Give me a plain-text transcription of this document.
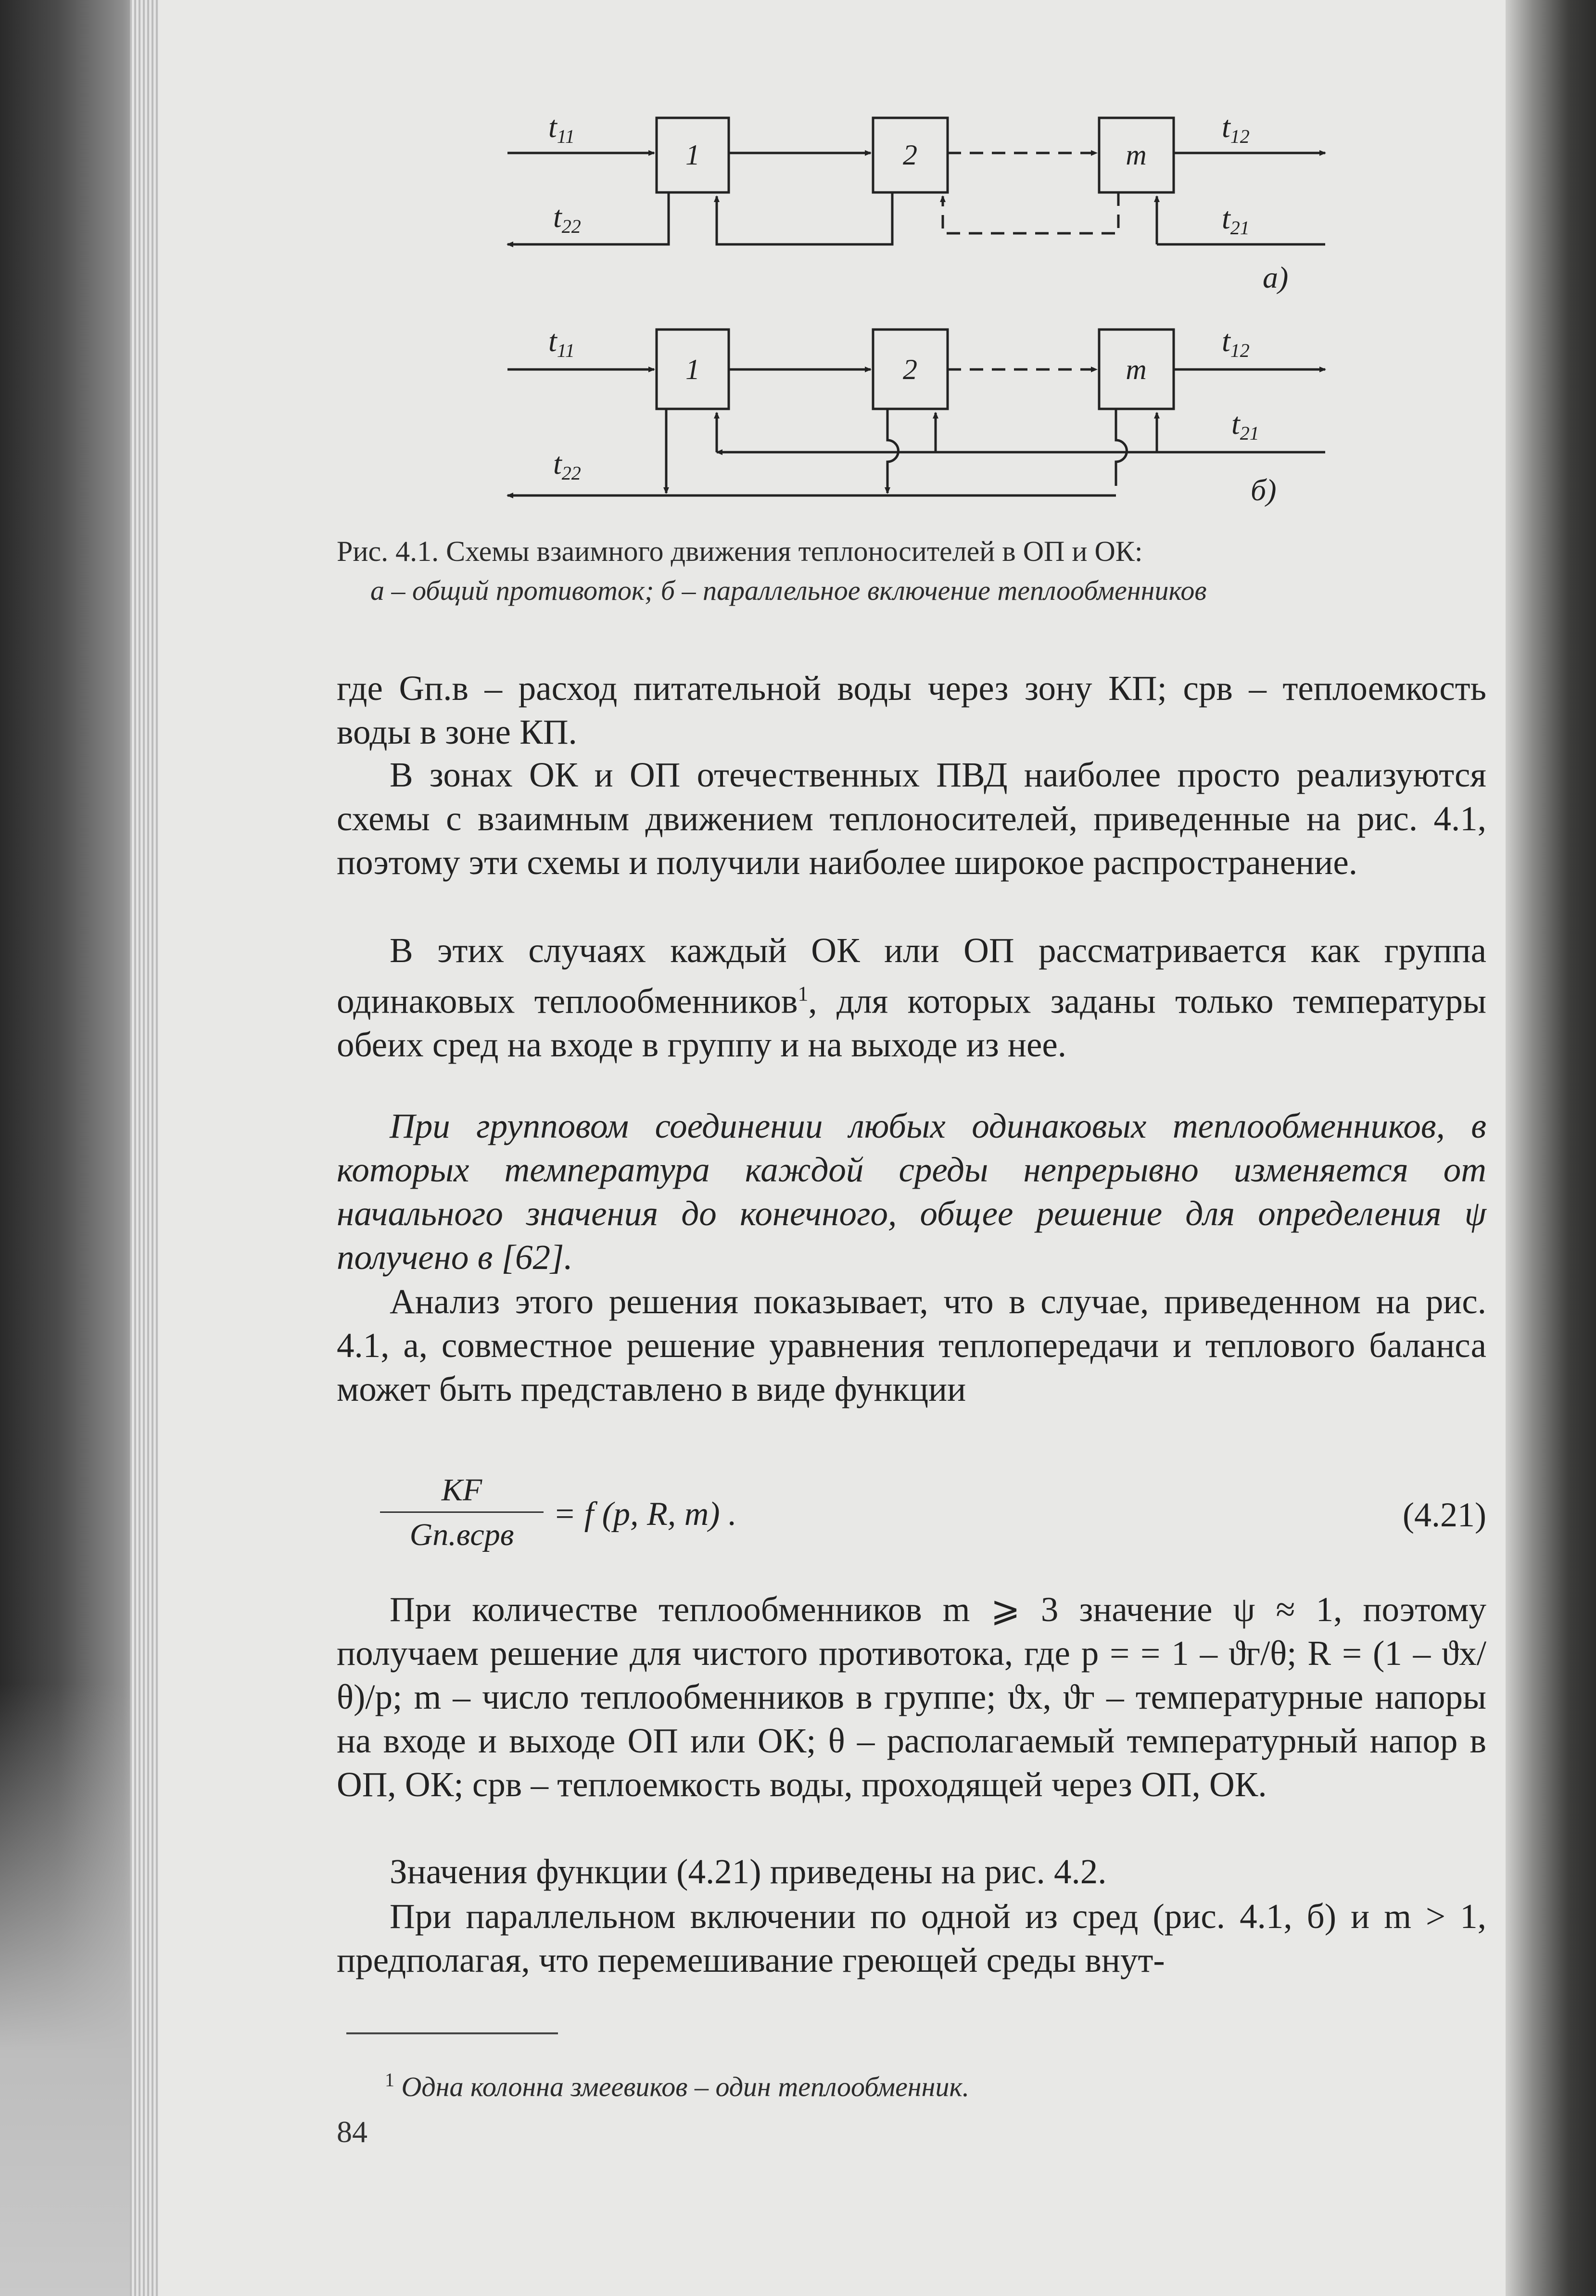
t11
t22
t12
t21
1	2	m
a)
t11
t22
t12
t21
1	2	m
б)
Рис. 4.1. Схемы взаимного движения теплоносителей в ОП и ОК:
а – общий противоток; б – параллельное включение теплообменников

где Gп.в – расход питательной воды через зону КП; cрв – теплоемкость воды в зоне КП.

В зонах ОК и ОП отечественных ПВД наиболее просто реализуются схемы с взаимным движением теплоносителей, приведенные на рис. 4.1, поэтому эти схемы и получили наиболее широкое распространение.

В этих случаях каждый ОК или ОП рассматривается как группа одинаковых теплообменников$^1$, для которых заданы только температуры обеих сред на входе в группу и на выходе из нее.

При групповом соединении любых одинаковых теплообменников, в которых температура каждой среды непрерывно изменяется от начального значения до конечного, общее решение для определения ψ получено в [62].

Анализ этого решения показывает, что в случае, приведенном на рис. 4.1, а, совместное решение уравнения теплопередачи и теплового баланса может быть представлено в виде функции

KF
Gп.вcрв
= f (p, R, m) .	(4.21)

При количестве теплообменников m ⩾ 3 значение ψ ≈ 1, поэтому получаем решение для чистого противотока, где p = = 1 – ϑг/θ; R = (1 – ϑх/θ)/p; m – число теплообменников в группе; ϑх, ϑг – температурные напоры на входе и выходе ОП или ОК; θ – располагаемый температурный напор в ОП, ОК; cрв – теплоемкость воды, проходящей через ОП, ОК.

Значения функции (4.21) приведены на рис. 4.2.

При параллельном включении по одной из сред (рис. 4.1, б) и m > 1, предполагая, что перемешивание греющей среды внут-

$^1$ Одна колонна змеевиков – один теплообменник.
84
